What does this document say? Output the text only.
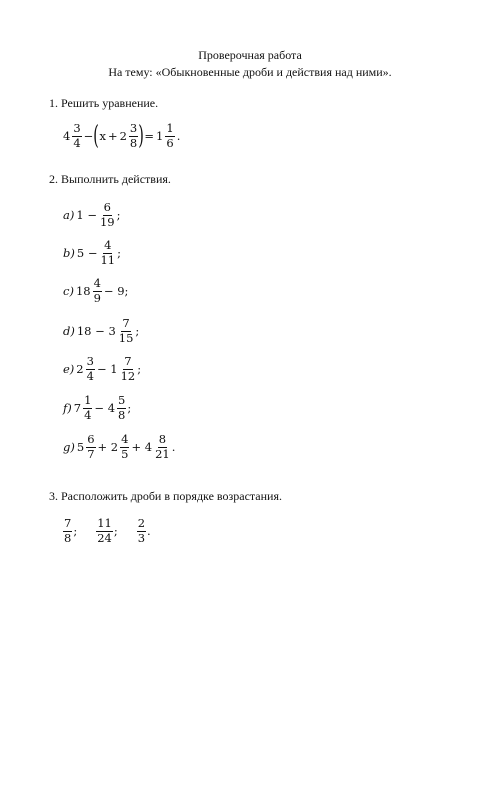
Проверочная работа
На тему: «Обыкновенные дроби и действия над ними».
1. Решить уравнение.
$4 \frac{3}{4}$ − ( $x + 2 \frac{3}{8}$ ) = $1 \frac{1}{6}$ .
2. Выполнить действия.
a) $1 - \frac{6}{19}$ ;
b) $5 - \frac{4}{11}$ ;
c) $18 \frac{4}{9} - 9$;
d) $18 - 3 \frac{7}{15}$ ;
e) $2 \frac{3}{4} - 1 \frac{7}{12}$ ;
f) $7 \frac{1}{4} - 4 \frac{5}{8}$ ;
g) $5 \frac{6}{7} + 2 \frac{4}{5} + 4 \frac{8}{21}$ .
3. Расположить дроби в порядке возрастания.
$\frac{7}{8}$ ; $\frac{11}{24}$ ; $\frac{2}{3}$ .
